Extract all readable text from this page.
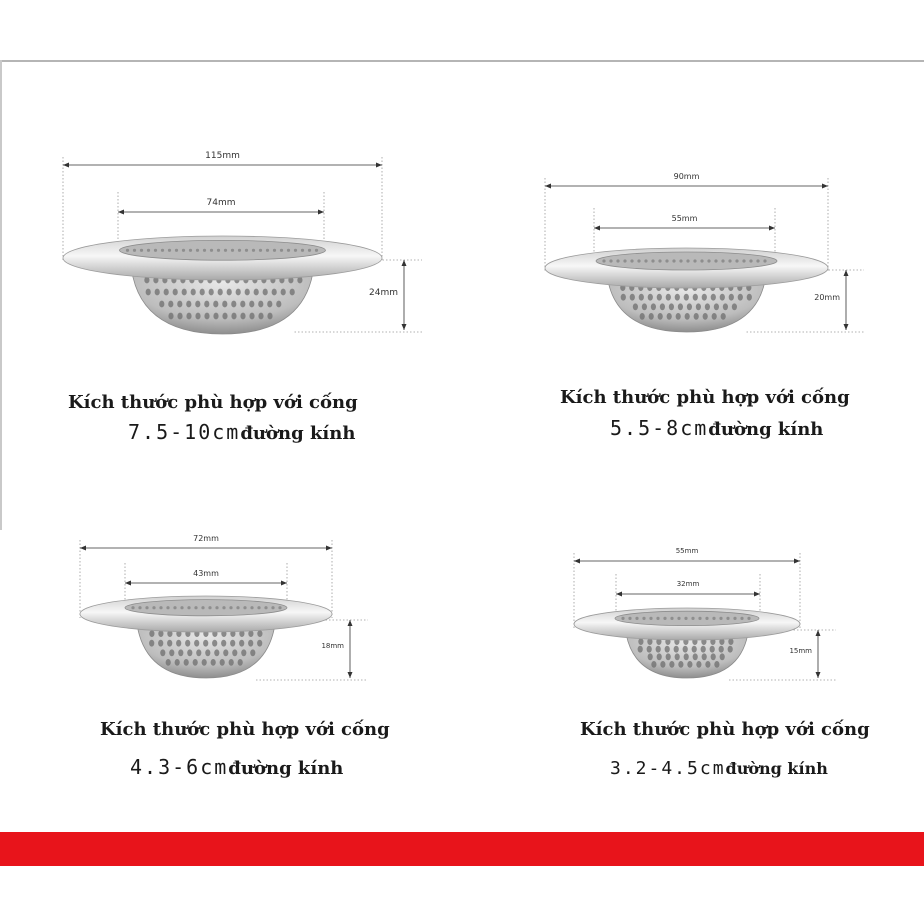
115mm
74mm
24mm
Kích thước phù hợp với cống
7.5-10cmđường kính
90mm
55mm
20mm
Kích thước phù hợp với cống
5.5-8cmđường kính
72mm
43mm
18mm
Kích thước phù hợp với cống
4.3-6cmđường kính
55mm
32mm
15mm
Kích thước phù hợp với cống
3.2-4.5cmđường kính
